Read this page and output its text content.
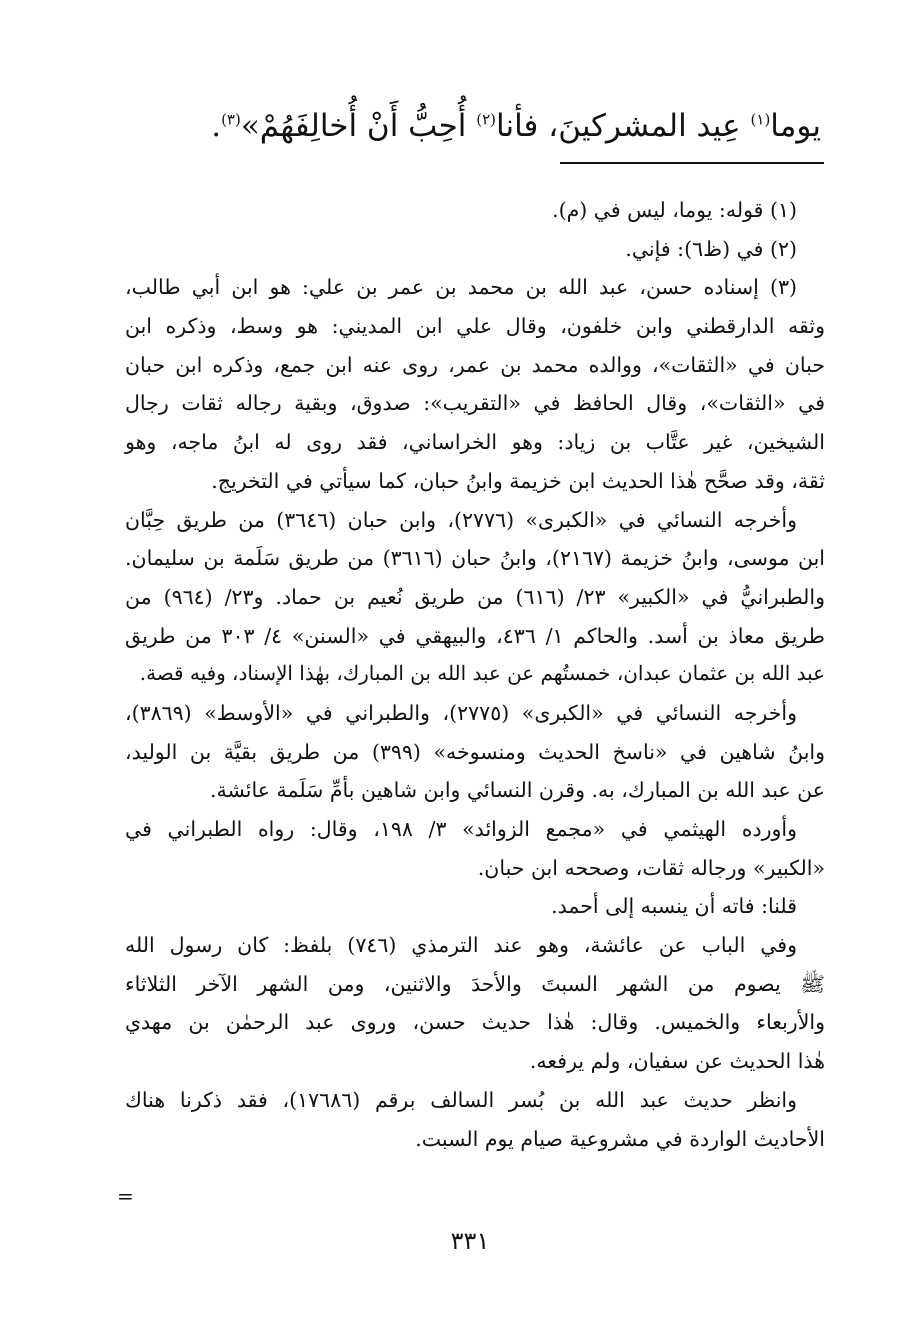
يوما$^{(١)}$ عِيد المشركينَ، فأنا$^{(٢)}$ أُحِبُّ أَنْ أُخالِفَهُمْ»$^{(٣)}$.
(١) قوله: يوما، ليس في (م).
(٢) في (ظ٦): فإني.
(٣) إسناده حسن، عبد الله بن محمد بن عمر بن علي: هو ابن أبي طالب،
وثقه الدارقطني وابن خلفون، وقال علي ابن المديني: هو وسط، وذكره ابن
حبان في «الثقات»، ووالده محمد بن عمر، روى عنه ابن جمع، وذكره ابن حبان
في «الثقات»، وقال الحافظ في «التقريب»: صدوق، وبقية رجاله ثقات رجال
الشيخين، غير عتَّاب بن زياد: وهو الخراساني، فقد روى له ابنُ ماجه، وهو
ثقة، وقد صحَّح هٰذا الحديث ابن خزيمة وابنُ حبان، كما سيأتي في التخريج.
وأخرجه النسائي في «الكبرى» (٢٧٧٦)، وابن حبان (٣٦٤٦) من طريق حِبَّان
ابن موسى، وابنُ خزيمة (٢١٦٧)، وابنُ حبان (٣٦١٦) من طريق سَلَمة بن سليمان.
والطبرانيُّ في «الكبير» ٢٣/ (٦١٦) من طريق نُعيم بن حماد. و٢٣/ (٩٦٤) من
طريق معاذ بن أسد. والحاكم ١/ ٤٣٦، والبيهقي في «السنن» ٤/ ٣٠٣ من طريق
عبد الله بن عثمان عبدان، خمستُهم عن عبد الله بن المبارك، بهٰذا الإسناد، وفيه قصة.
وأخرجه النسائي في «الكبرى» (٢٧٧٥)، والطبراني في «الأوسط» (٣٨٦٩)،
وابنُ شاهين في «ناسخ الحديث ومنسوخه» (٣٩٩) من طريق بقيَّة بن الوليد،
عن عبد الله بن المبارك، به. وقرن النسائي وابن شاهين بأمِّ سَلَمة عائشة.
وأورده الهيثمي في «مجمع الزوائد» ٣/ ١٩٨، وقال: رواه الطبراني في
«الكبير» ورجاله ثقات، وصححه ابن حبان.
قلنا: فاته أن ينسبه إلى أحمد.
وفي الباب عن عائشة، وهو عند الترمذي (٧٤٦) بلفظ: كان رسول الله
ﷺ يصوم من الشهر السبتَ والأحدَ والاثنين، ومن الشهر الآخر الثلاثاء
والأربعاء والخميس. وقال: هٰذا حديث حسن، وروى عبد الرحمٰن بن مهدي
هٰذا الحديث عن سفيان، ولم يرفعه.
وانظر حديث عبد الله بن بُسر السالف برقم (١٧٦٨٦)، فقد ذكرنا هناك
الأحاديث الواردة في مشروعية صيام يوم السبت.
=
٣٣١
